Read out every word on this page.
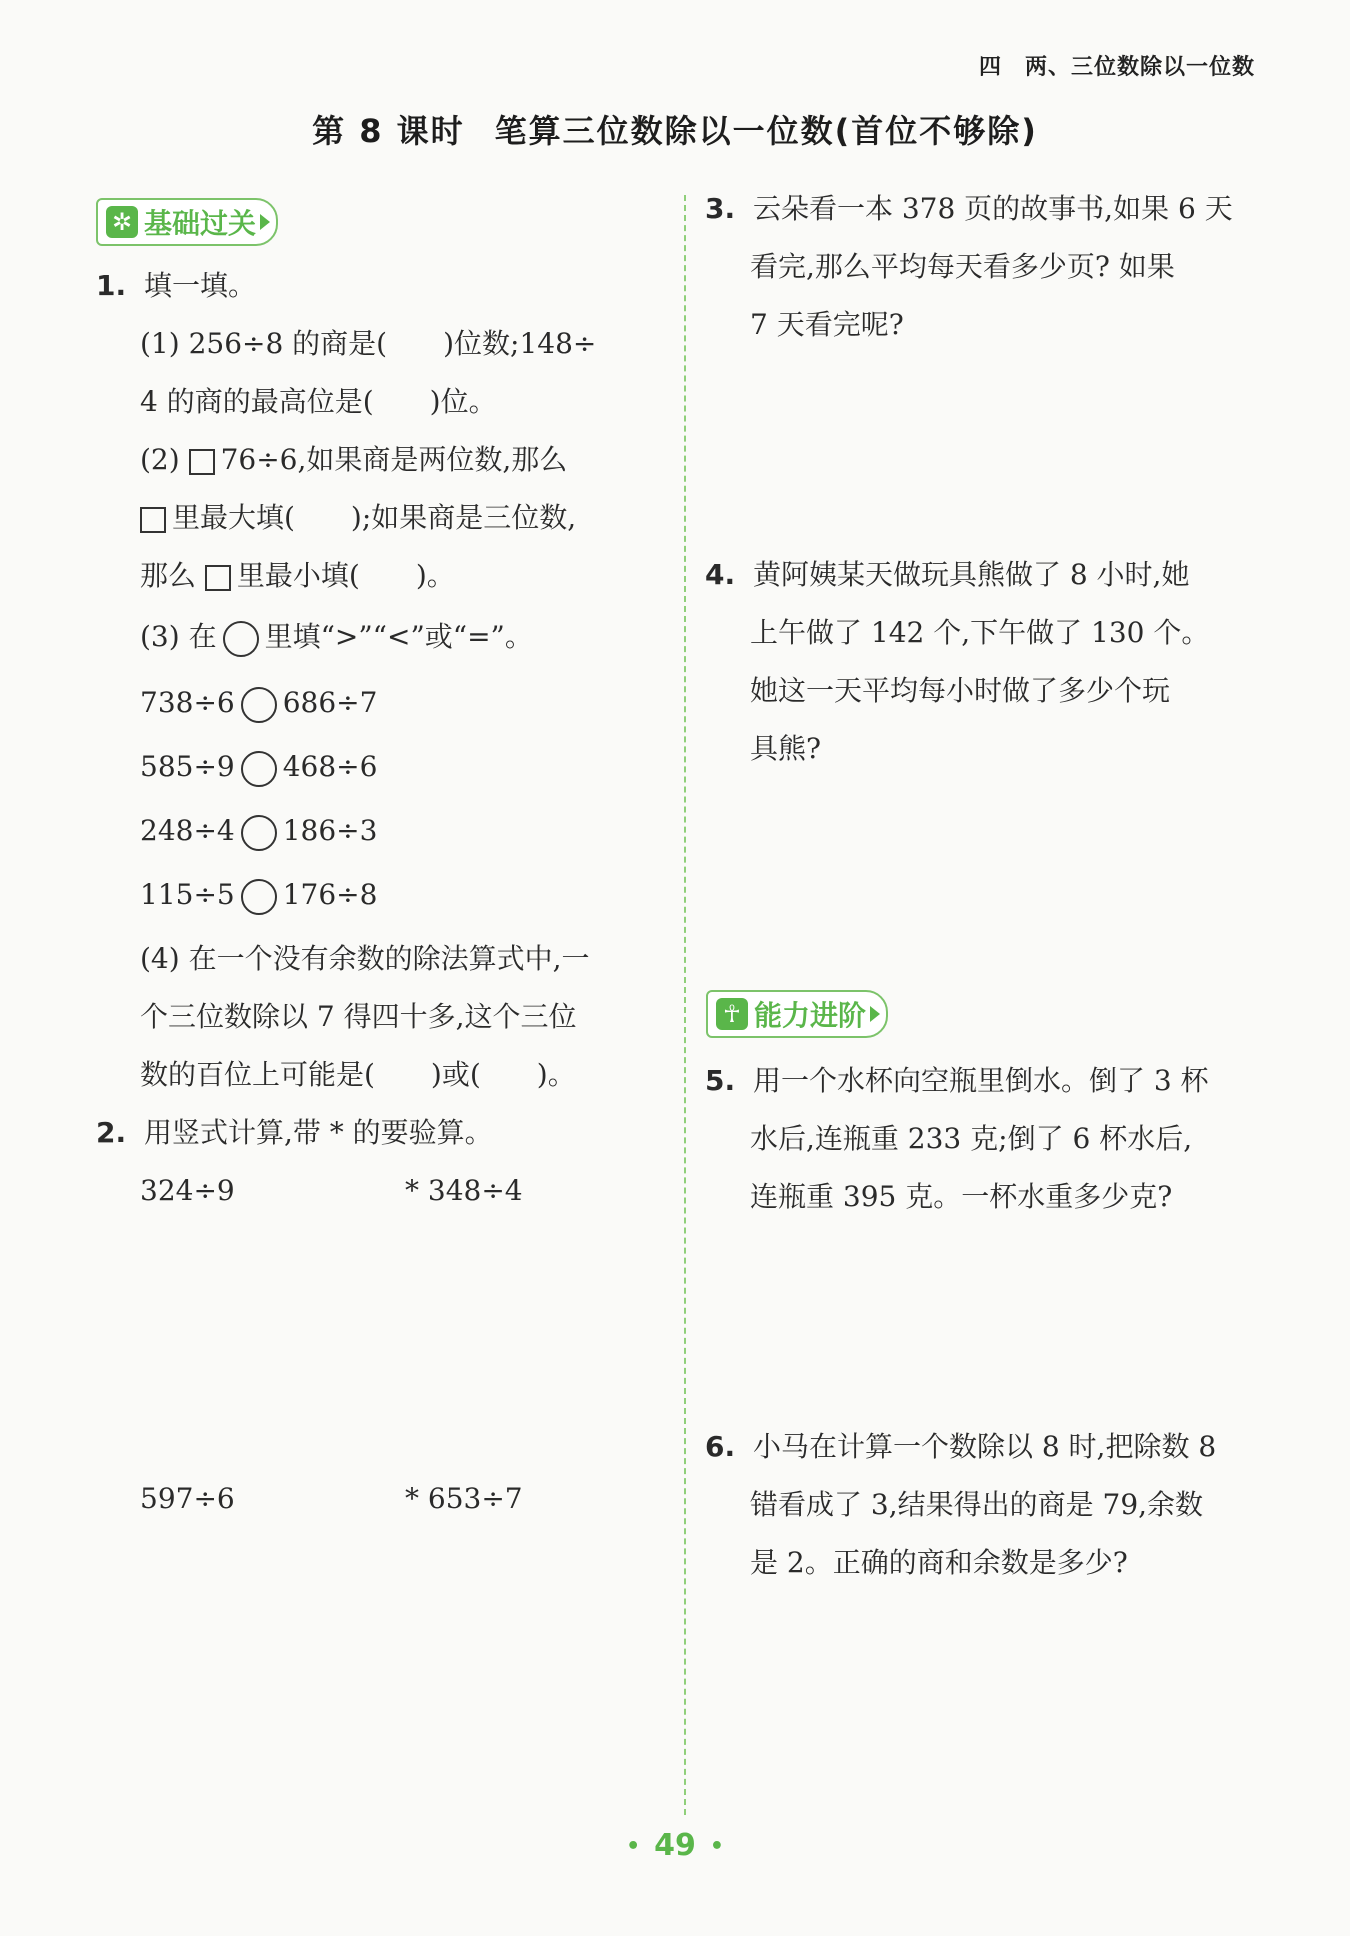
四　两、三位数除以一位数
第 8 课时 笔算三位数除以一位数(首位不够除)
✲ 基础过关
1. 填一填。
(1) 256÷8 的商是(　　)位数;148÷
4 的商的最高位是(　　)位。
(2) 76÷6,如果商是两位数,那么
里最大填(　　);如果商是三位数,
那么 里最小填(　　)。
(3) 在 里填“>”“<”或“=”。
738÷6 686÷7
585÷9 468÷6
248÷4 186÷3
115÷5 176÷8
(4) 在一个没有余数的除法算式中,一
个三位数除以 7 得四十多,这个三位
数的百位上可能是(　　)或(　　)。
2. 用竖式计算,带 * 的要验算。
324÷9	* 348÷4
597÷6	* 653÷7
3. 云朵看一本 378 页的故事书,如果 6 天
看完,那么平均每天看多少页? 如果
7 天看完呢?
4. 黄阿姨某天做玩具熊做了 8 小时,她
上午做了 142 个,下午做了 130 个。
她这一天平均每小时做了多少个玩
具熊?
☥ 能力进阶
5. 用一个水杯向空瓶里倒水。倒了 3 杯
水后,连瓶重 233 克;倒了 6 杯水后,
连瓶重 395 克。一杯水重多少克?
6. 小马在计算一个数除以 8 时,把除数 8
错看成了 3,结果得出的商是 79,余数
是 2。正确的商和余数是多少?
• 49 •
